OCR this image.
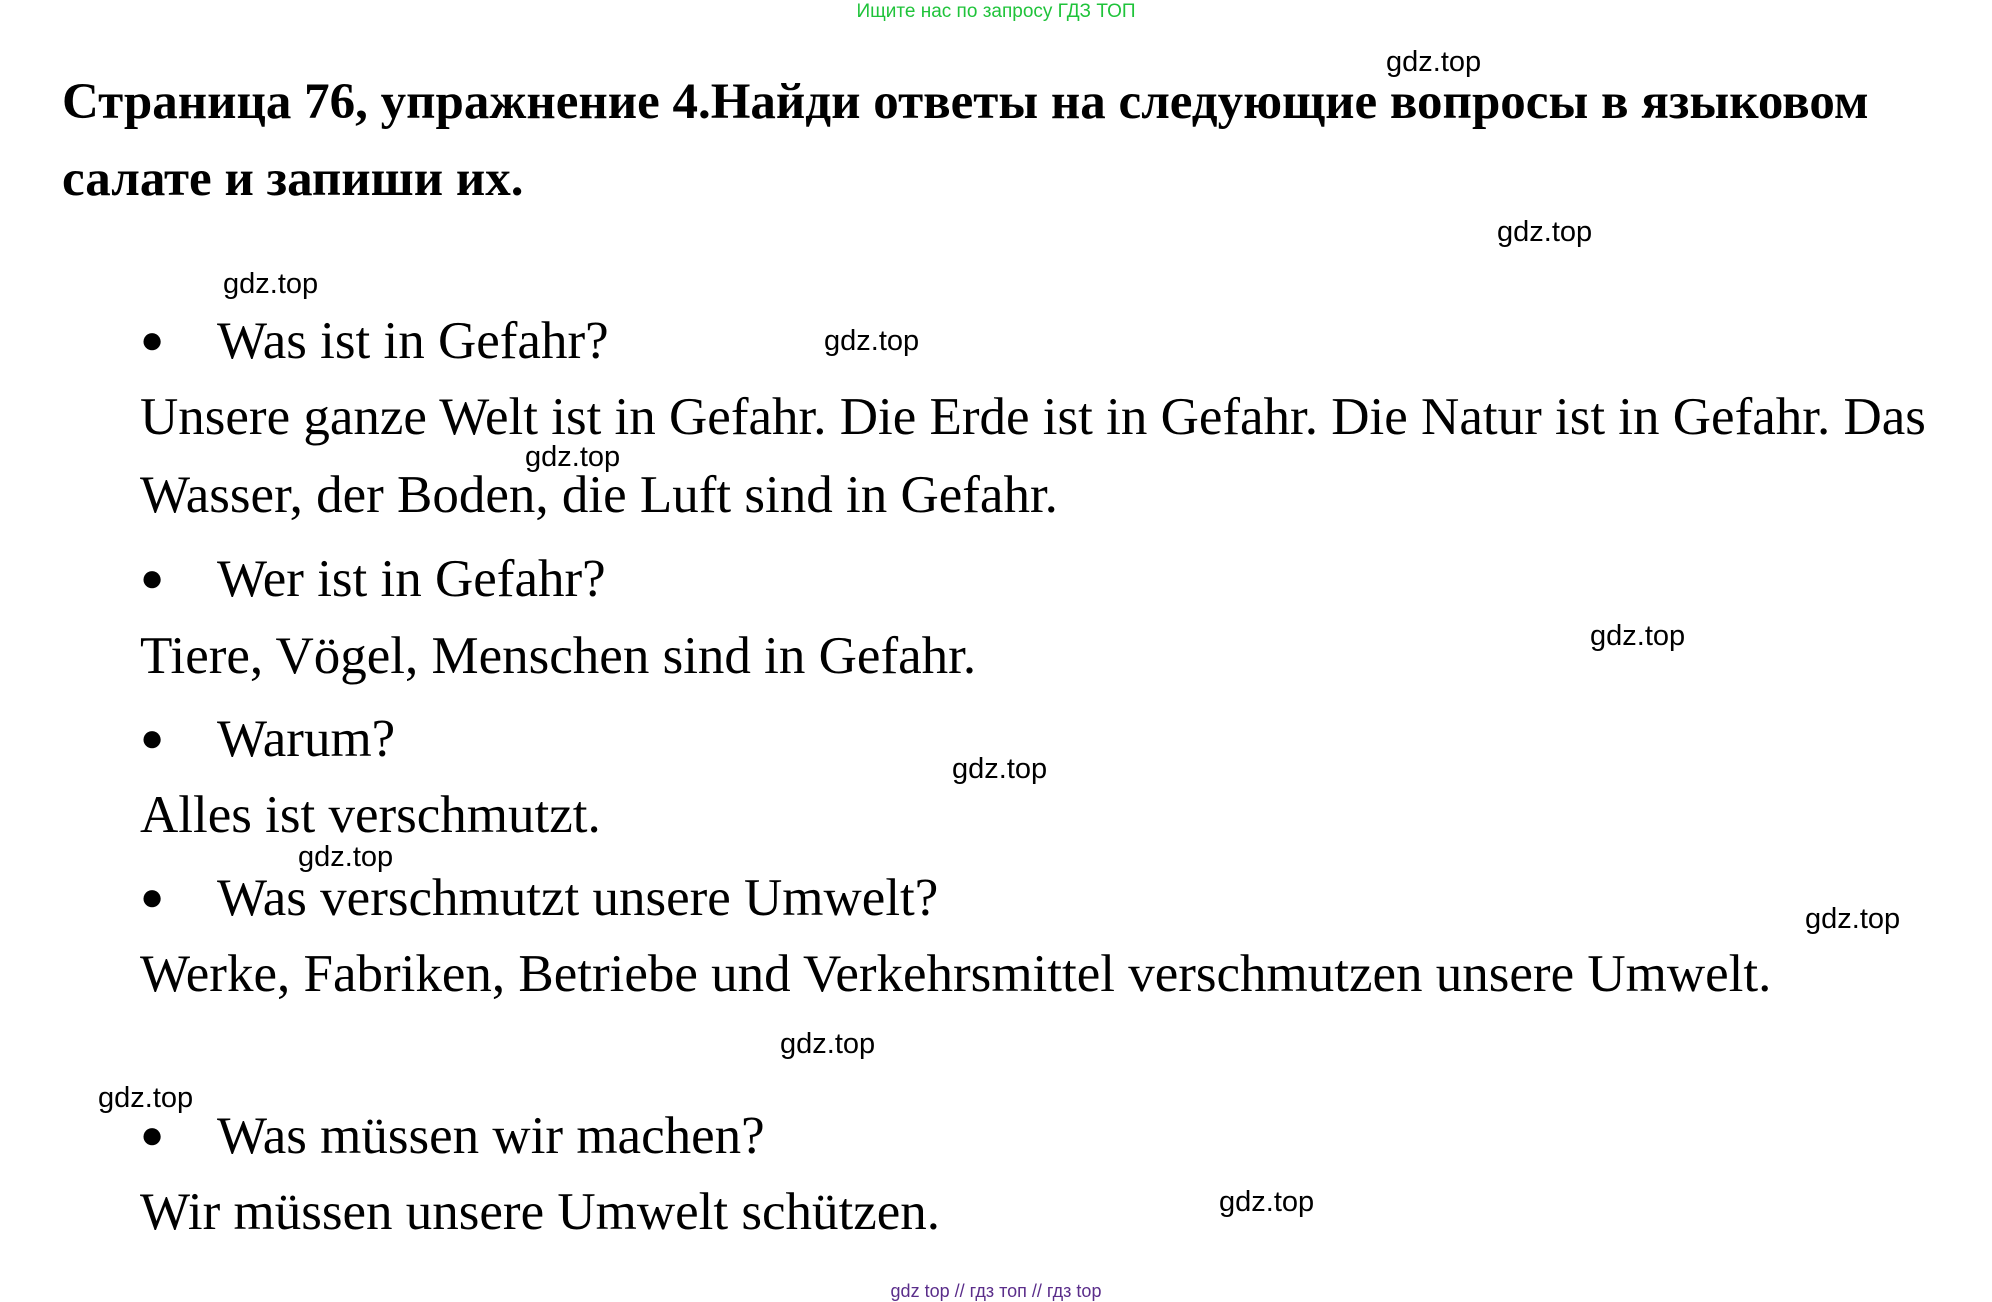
Ищите нас по запросу ГДЗ ТОП
Страница 76, упражнение 4.Найди ответы на следующие вопросы в языковом салате и запиши их.
● Was ist in Gefahr?
Unsere ganze Welt ist in Gefahr. Die Erde ist in Gefahr. Die Natur ist in Gefahr. Das Wasser, der Boden, die Luft sind in Gefahr.
● Wer ist in Gefahr?
Tiere, Vögel, Menschen sind in Gefahr.
● Warum?
Alles ist verschmutzt.
● Was verschmutzt unsere Umwelt?
Werke, Fabriken, Betriebe und Verkehrsmittel verschmutzen unsere Umwelt.
● Was müssen wir machen?
Wir müssen unsere Umwelt schützen.
gdz.top
gdz.top
gdz.top
gdz.top
gdz.top
gdz.top
gdz.top
gdz.top
gdz.top
gdz.top
gdz.top
gdz.top
gdz top // гдз топ // гдз top
